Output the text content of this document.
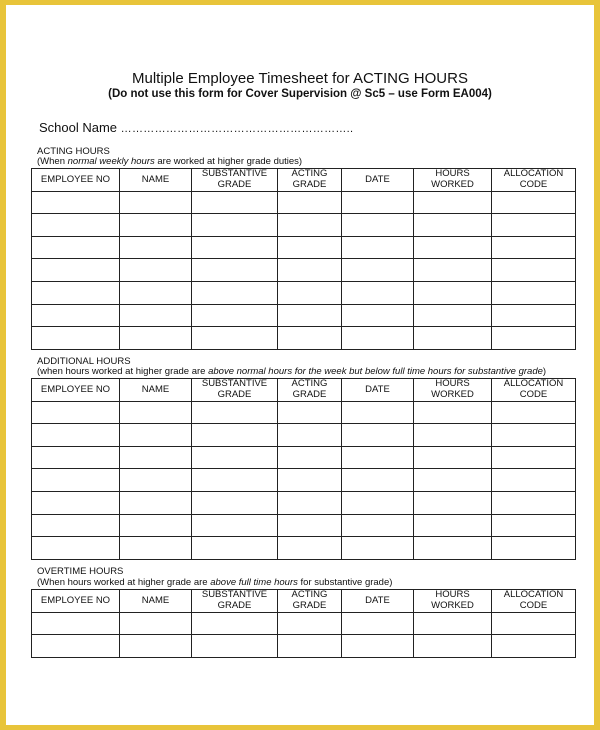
Multiple Employee Timesheet for ACTING HOURS
(Do not use this form for Cover Supervision @ Sc5 – use Form EA004)
School Name ……………………………………………………..
ACTING HOURS
(When normal weekly hours are worked at higher grade duties)
EMPLOYEE NO	NAME	SUBSTANTIVE GRADE	ACTING GRADE	DATE	HOURS WORKED	ALLOCATION CODE

ADDITIONAL HOURS
(when hours worked at higher grade are above normal hours for the week but below full time hours for substantive grade)
EMPLOYEE NO	NAME	SUBSTANTIVE GRADE	ACTING GRADE	DATE	HOURS WORKED	ALLOCATION CODE

OVERTIME HOURS
(When hours worked at higher grade are above full time hours for substantive grade)
EMPLOYEE NO	NAME	SUBSTANTIVE GRADE	ACTING GRADE	DATE	HOURS WORKED	ALLOCATION CODE
